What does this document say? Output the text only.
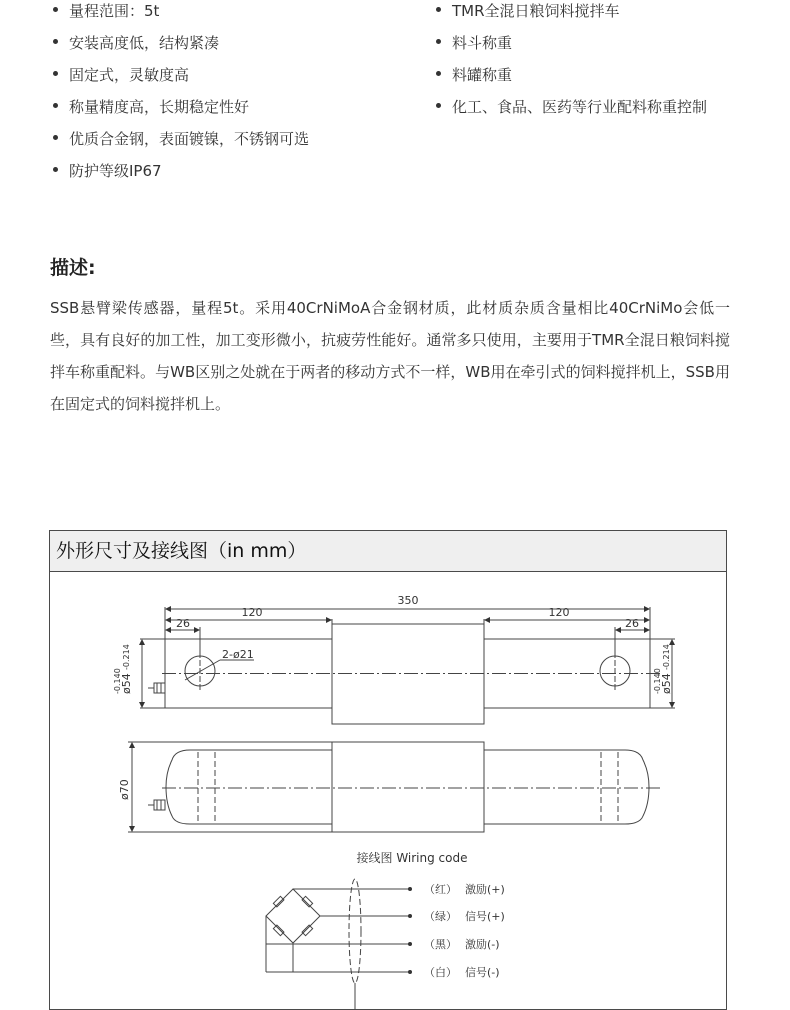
量程范围：5t
安装高度低，结构紧凑
固定式，灵敏度高
称量精度高，长期稳定性好
优质合金钢，表面镀镍，不锈钢可选
防护等级IP67
TMR全混日粮饲料搅拌车
料斗称重
料罐称重
化工、食品、医药等行业配料称重控制
描述:
SSB悬臂梁传感器，量程5t。采用40CrNiMoA合金钢材质，此材质杂质含量相比40CrNiMo会低一些，具有良好的加工性，加工变形微小，抗疲劳性能好。通常多只使用，主要用于TMR全混日粮饲料搅拌车称重配料。与WB区别之处就在于两者的移动方式不一样，WB用在牵引式的饲料搅拌机上，SSB用在固定式的饲料搅拌机上。
外形尺寸及接线图（in mm）
350
120	120
26	26
2-ø21
ø54
-0.140
-0.214
ø54
-0.140
-0.214
ø70
接线图 Wiring code
（红） 激励(+)
（绿） 信号(+)
（黑） 激励(-)
（白） 信号(-)
